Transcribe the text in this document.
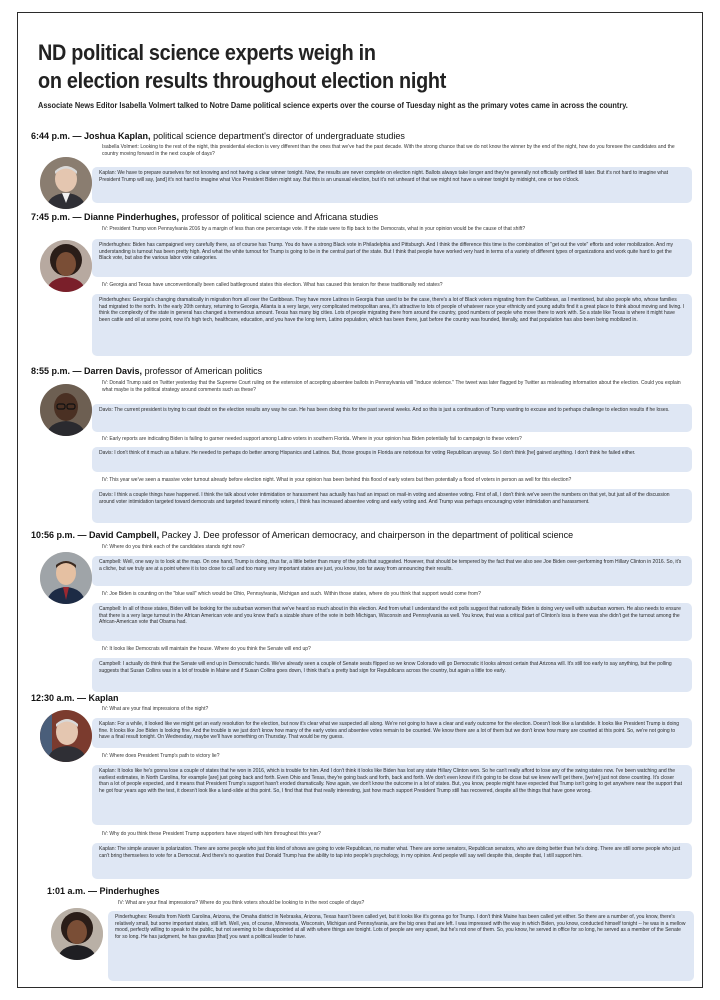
ND political science experts weigh in
on election results throughout election night
Associate News Editor Isabella Volmert talked to Notre Dame political science experts over the course of Tuesday night as the primary votes came in across the country.
6:44 p.m. — Joshua Kaplan, political science department's director of undergraduate studies
Isabella Volmert: Looking to the rest of the night, this presidential election is very different than the ones that we've had the past decade. With the strong chance that we do not know the winner by the end of the night, how do you foresee the candidates and the country moving forward in the next couple of days?
Kaplan: We have to prepare ourselves for not knowing and not having a clear winner tonight. Now, the results are never complete on election night. Ballots always take longer and they're generally not officially certified till later. But it's not hard to imagine what President Trump will say, [and] it's not hard to imagine what Vice President Biden might say. But this is an unusual election, but it's not unheard of that we might not have a winner tonight by midnight, one or two o'clock.
7:45 p.m. — Dianne Pinderhughes, professor of political science and Africana studies
IV: President Trump won Pennsylvania 2016 by a margin of less than one percentage vote. If the state were to flip back to the Democrats, what in your opinion would be the cause of that shift?
Pinderhughes: Biden has campaigned very carefully there, as of course has Trump. You do have a strong Black vote in Philadelphia and Pittsburgh. And I think the difference this time is the combination of "get out the vote" efforts and voter mobilization. And my understanding is turnout has been pretty high. And what the white turnout for Trump is going to be in the central part of the state. But I think that people have worked very hard in terms of a variety of different types of organizations and work quite hard to get the Black vote, but also the various labor vote categories.
IV: Georgia and Texas have unconventionally been called battleground states this election. What has caused this tension for these traditionally red states?
Pinderhughes: Georgia's changing dramatically in migration from all over the Caribbean. They have more Latinos in Georgia than used to be the case, there's a lot of Black voters migrating from the Caribbean, as I mentioned, but also people who, whose families had migrated to the north. In the early 20th century, returning to Georgia, Atlanta is a very large, very complicated metropolitan area, it's attractive to lots of people of whatever race your ethnicity and young adults find it a great place to think about moving and living. I think the complexity of the state in general has changed a tremendous amount. Texas has many big cities. Lots of people migrating there from around the country, good numbers of people who move there to work with. So a state like Texas is where it might have been cattle and oil at some point, now it's high tech, healthcare, education, and you have the long term, Latino population, which has been there, just before the country was founded, literally, and that population has also been being mobilized in.
8:55 p.m. — Darren Davis, professor of American politics
IV: Donald Trump said on Twitter yesterday that the Supreme Court ruling on the extension of accepting absentee ballots in Pennsylvania will "induce violence." The tweet was later flagged by Twitter as misleading information about the election. Could you explain what maybe is the political strategy around comments such as these?
Davis: The current president is trying to cast doubt on the election results any way he can. He has been doing this for the past several weeks. And so this is just a continuation of Trump wanting to excuse and to perhaps challenge to election results if he loses.
IV: Early reports are indicating Biden is failing to garner needed support among Latino voters in southern Florida. Where in your opinion has Biden potentially fail to campaign to these voters?
Davis: I don't think of it much as a failure. He needed to perhaps do better among Hispanics and Latinos. But, those groups in Florida are notorious for voting Republican anyway. So I don't think [he] gained anything. I don't think he failed either.
IV: This year we've seen a massive voter turnout already before election night. What in your opinion has been behind this flood of early voters but then potentially a flood of voters in person as well for this election?
Davis: I think a couple things have happened. I think the talk about voter intimidation or harassment has actually has had an impact on mail-in voting and absentee voting. First of all, I don't think we've seen the numbers on that yet, but just all of the discussion around voter intimidation targeted toward democrats and targeted toward minority voters, I think has increased absentee voting and early voting and. And Trump was perhaps encouraging voter intimidation and harassment.
10:56 p.m. — David Campbell, Packey J. Dee professor of American democracy, and chairperson in the department of political science
IV: Where do you think each of the candidates stands right now?
Campbell: Well, one way is to look at the map. On one hand, Trump is doing, thus far, a little better than many of the polls that suggested. However, that should be tempered by the fact that we also see Joe Biden over-performing from Hillary Clinton in 2016. So, it's a cliche, but we truly are at a point where it is too close to call and too many very important states are just, you know, too far away from announcing their results.
IV: Joe Biden is counting on the "blue wall" which would be Ohio, Pennsylvania, Michigan and such. Within those states, where do you think that support would come from?
Campbell: In all of those states, Biden will be looking for the suburban women that we've heard so much about in this election. And from what I understand the exit polls suggest that nationally Biden is doing very well with suburban women. He also needs to ensure that there is a very large turnout in the African American vote and you know that's a sizable share of the vote in both Michigan, Wisconsin and Pennsylvania as well. You know, that was a critical part of Clinton's loss is there was she didn't get the turnout among the African-American vote that Obama had.
IV: It looks like Democrats will maintain the house. Where do you think the Senate will end up?
Campbell: I actually do think that the Senate will end up in Democratic hands. We've already seen a couple of Senate seats flipped so we know Colorado will go Democratic it looks almost certain that Arizona will. It's still too early to say anything, but the polling suggests that Susan Collins was in a lot of trouble in Maine and if Susan Collins goes down, I think that's a pretty bad sign for Republicans across the country, but again a little too early.
12:30 a.m. — Kaplan
IV: What are your final impressions of the night?
Kaplan: For a while, it looked like we might get an early resolution for the election, but now it's clear what we suspected all along. We're not going to have a clear and early outcome for the election. Doesn't look like a landslide. It looks like President Trump is doing fine. It looks like Joe Biden is looking fine. And the trouble is we just don't know how many of the early votes and absentee votes remain to be counted. We know there are a lot of them but we don't know how many are counted at this point. So, we're not going to have a final result tonight. On Wednesday, maybe we'll have something on Thursday. That would be my guess.
IV: Where does President Trump's path to victory lie?
Kaplan: It looks like he's gonna lose a couple of states that he won in 2016, which is trouble for him. And I don't think it looks like Biden has lost any state Hillary Clinton won. So he can't really afford to lose any of the swing states now. I've been watching and the earliest estimates, in North Carolina, for example [are] just going back and forth. Even Ohio and Texas, they're going back and forth, back and forth. We don't even know if it's going to be close but we knew we'll get there, [we're] just not done counting. It's closer than a lot of people expected, and it means that President Trump's support hasn't eroded dramatically. Now again, we don't know the outcome in a lot of states. But, you know, people might have expected that Trump isn't going to get anywhere near the support that he got four years ago with the test, it doesn't look like a land-slide at this point. So, I find that that that really interesting, just how much support President Trump still has recovered, despite all the things that have gone wrong.
IV: Why do you think these President Trump supporters have stayed with him throughout this year?
Kaplan: The simple answer is polarization. There are some people who just this kind of shows are going to vote Republican, no matter what. There are some senators, Republican senators, who are doing better than he's doing. There are still some people who just can't bring themselves to vote for a Democrat. And there's no question that Donald Trump has the ability to tap into people's psychology, in my opinion. And people will say well despite this, despite that, I still support him.
1:01 a.m. — Pinderhughes
IV: What are your final impressions? Where do you think voters should be looking to in the next couple of days?
Pinderhughes: Results from North Carolina, Arizona, the Omaha district in Nebraska, Arizona, Texas hasn't been called yet, but it looks like it's gonna go for Trump. I don't think Maine has been called yet either. So there are a number of, you know, there's relatively small, but some important states, still left. Well, yes, of course, Minnesota, Wisconsin, Michigan and Pennsylvania, are the big ones that are left. I was impressed with the way in which Biden, you know, conducted himself tonight -- he was in a mellow mood, perfectly willing to speak to the public, but not seeming to be disappointed at all with where things are tonight. Lots of people are very upset, but he's not one of them. So, you know, he served in office for so long, he served as a member of the Senate for so long. He has judgment, he has gravitas [that] you want a political leader to have.
